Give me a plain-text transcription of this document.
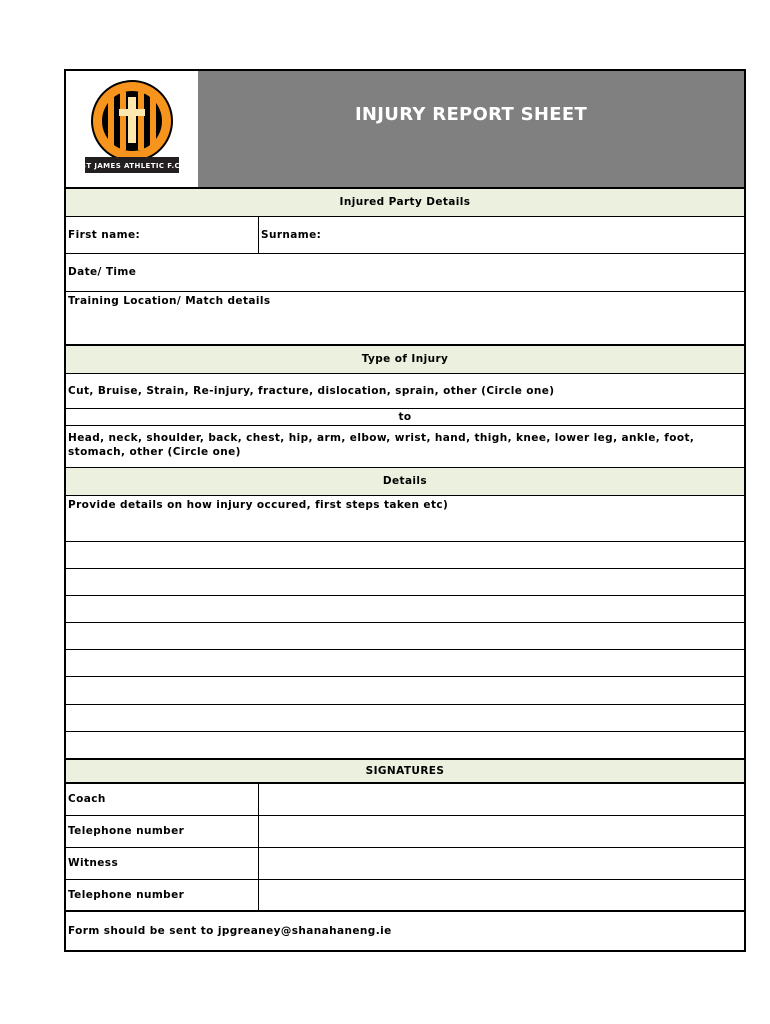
ST JAMES ATHLETIC F.C.
INJURY REPORT SHEET
Injured Party Details
First name:	Surname:
Date/ Time
Training Location/ Match details
Type of Injury
Cut, Bruise, Strain, Re-injury, fracture, dislocation, sprain, other (Circle one)
to
Head, neck, shoulder, back, chest, hip, arm, elbow, wrist, hand, thigh, knee, lower leg, ankle, foot, stomach, other (Circle one)
Details
Provide details on how injury occured, first steps taken etc)
SIGNATURES
Coach
Telephone number
Witness
Telephone number
Form should be sent to jpgreaney@shanahaneng.ie
